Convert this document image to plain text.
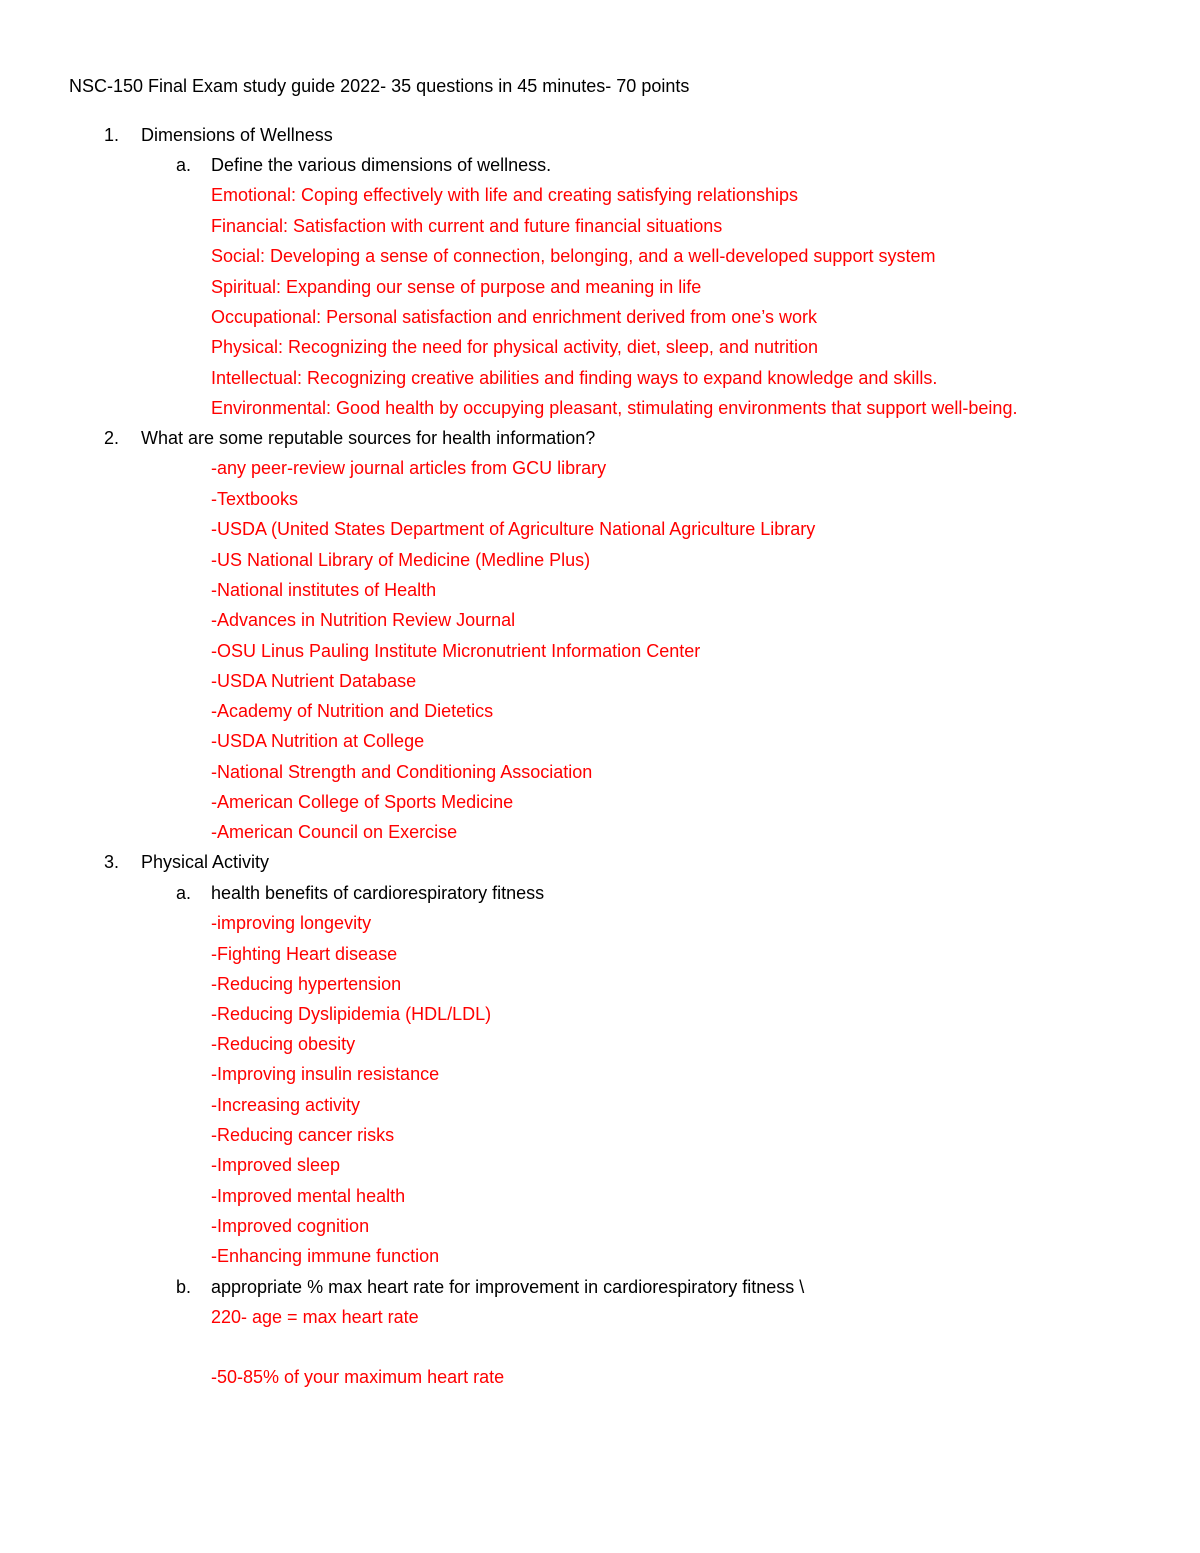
NSC-150 Final Exam study guide 2022- 35 questions in 45 minutes- 70 points
1.	Dimensions of Wellness
a.	Define the various dimensions of wellness.
Emotional: Coping effectively with life and creating satisfying relationships
Financial: Satisfaction with current and future financial situations
Social: Developing a sense of connection, belonging, and a well-developed support system
Spiritual: Expanding our sense of purpose and meaning in life
Occupational: Personal satisfaction and enrichment derived from one’s work
Physical: Recognizing the need for physical activity, diet, sleep, and nutrition
Intellectual: Recognizing creative abilities and finding ways to expand knowledge and skills.
Environmental: Good health by occupying pleasant, stimulating environments that support well-being.
2.	What are some reputable sources for health information?
-any peer-review journal articles from GCU library
-Textbooks
-USDA (United States Department of Agriculture National Agriculture Library
-US National Library of Medicine (Medline Plus)
-National institutes of Health
-Advances in Nutrition Review Journal
-OSU Linus Pauling Institute Micronutrient Information Center
-USDA Nutrient Database
-Academy of Nutrition and Dietetics
-USDA Nutrition at College
-National Strength and Conditioning Association
-American College of Sports Medicine
-American Council on Exercise
3.	Physical Activity
a.	health benefits of cardiorespiratory fitness
-improving longevity
-Fighting Heart disease
-Reducing hypertension
-Reducing Dyslipidemia (HDL/LDL)
-Reducing obesity
-Improving insulin resistance
-Increasing activity
-Reducing cancer risks
-Improved sleep
-Improved mental health
-Improved cognition
-Enhancing immune function
b.	appropriate % max heart rate for improvement in cardiorespiratory fitness \
220- age = max heart rate
-50-85% of your maximum heart rate
